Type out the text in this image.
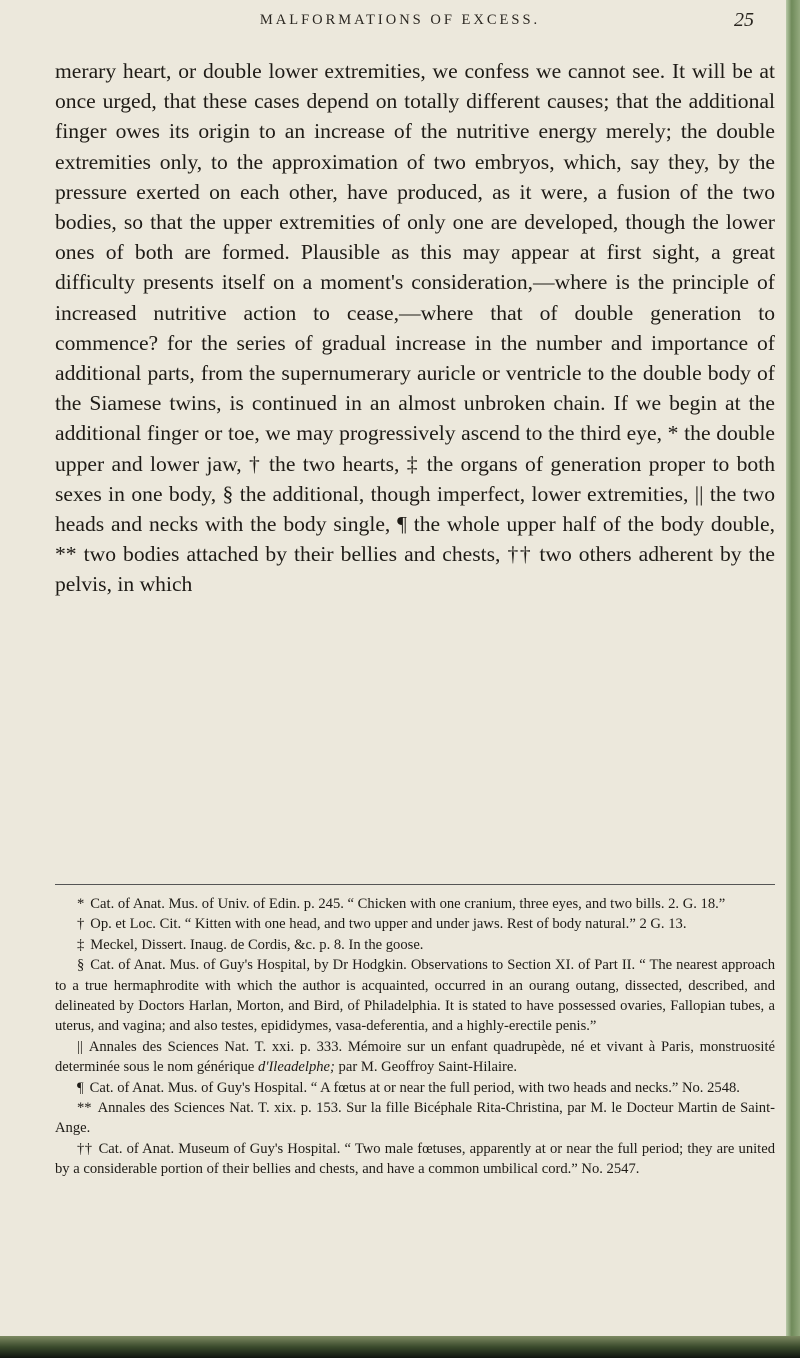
MALFORMATIONS OF EXCESS.	25

merary heart, or double lower extremities, we confess we cannot see. It will be at once urged, that these cases depend on totally different causes; that the additional finger owes its origin to an increase of the nutritive energy merely; the double extremities only, to the approximation of two embryos, which, say they, by the pressure exerted on each other, have produced, as it were, a fusion of the two bodies, so that the upper extremities of only one are developed, though the lower ones of both are formed. Plausible as this may appear at first sight, a great difficulty presents itself on a moment's consideration,—where is the principle of increased nutritive action to cease,—where that of double generation to commence? for the series of gradual increase in the number and importance of additional parts, from the supernumerary auricle or ventricle to the double body of the Siamese twins, is continued in an almost unbroken chain. If we begin at the additional finger or toe, we may progressively ascend to the third eye, * the double upper and lower jaw, † the two hearts, ‡ the organs of generation proper to both sexes in one body, § the additional, though imperfect, lower extremities, || the two heads and necks with the body single, ¶ the whole upper half of the body double, ** two bodies attached by their bellies and chests, †† two others adherent by the pelvis, in which

* Cat. of Anat. Mus. of Univ. of Edin. p. 245. “ Chicken with one cranium, three eyes, and two bills. 2. G. 18.”

† Op. et Loc. Cit. “ Kitten with one head, and two upper and under jaws. Rest of body natural.” 2 G. 13.

‡ Meckel, Dissert. Inaug. de Cordis, &c. p. 8. In the goose.

§ Cat. of Anat. Mus. of Guy's Hospital, by Dr Hodgkin. Observations to Section XI. of Part II. “ The nearest approach to a true hermaphrodite with which the author is acquainted, occurred in an ourang outang, dissected, described, and delineated by Doctors Harlan, Morton, and Bird, of Philadelphia. It is stated to have possessed ovaries, Fallopian tubes, a uterus, and vagina; and also testes, epididymes, vasa-deferentia, and a highly-erectile penis.”

|| Annales des Sciences Nat. T. xxi. p. 333. Mémoire sur un enfant quadrupède, né et vivant à Paris, monstruosité determinée sous le nom générique d'Ileadelphe; par M. Geoffroy Saint-Hilaire.

¶ Cat. of Anat. Mus. of Guy's Hospital. “ A fœtus at or near the full period, with two heads and necks.” No. 2548.

** Annales des Sciences Nat. T. xix. p. 153. Sur la fille Bicéphale Rita-Christina, par M. le Docteur Martin de Saint-Ange.

†† Cat. of Anat. Museum of Guy's Hospital. “ Two male fœtuses, apparently at or near the full period; they are united by a considerable portion of their bellies and chests, and have a common umbilical cord.” No. 2547.
